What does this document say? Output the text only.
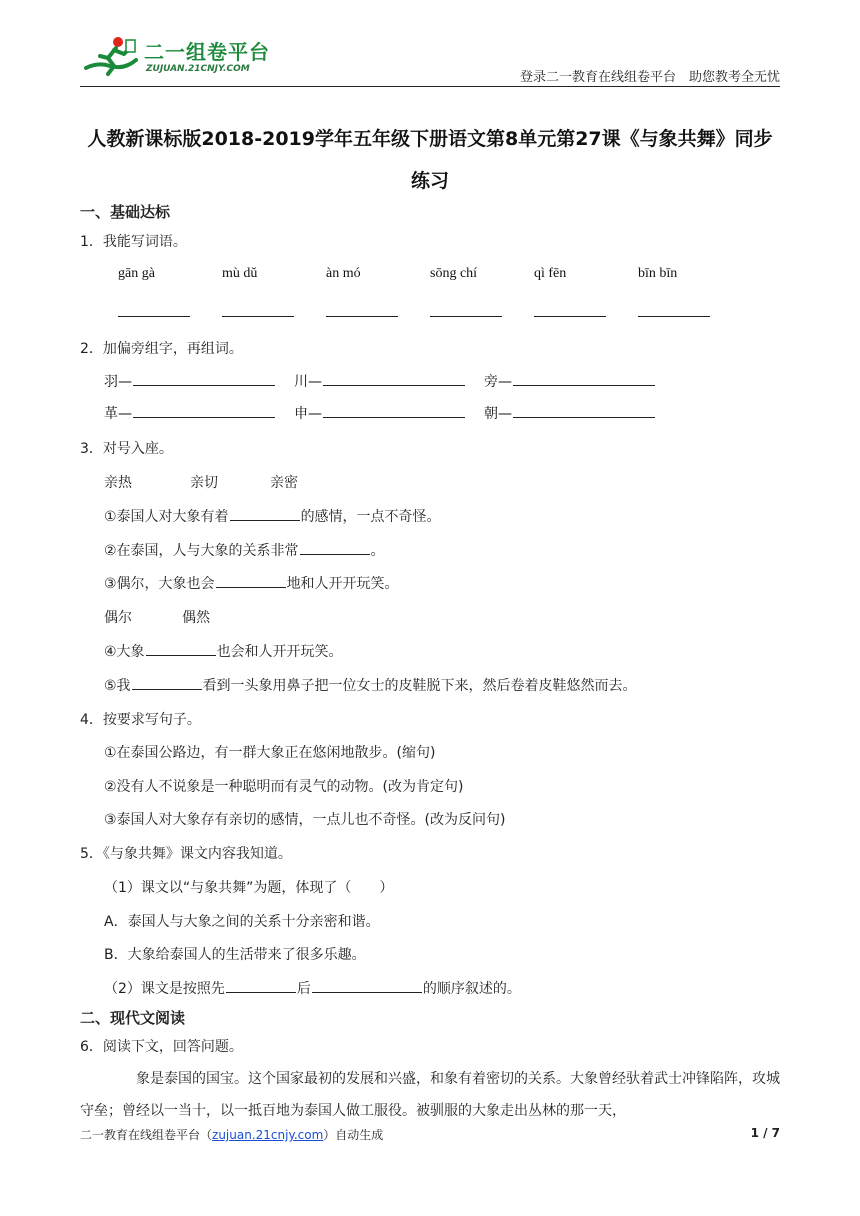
二一组卷平台
ZUJUAN.21CNJY.COM
登录二一教育在线组卷平台　助您教考全无忧
人教新课标版2018-2019学年五年级下册语文第8单元第27课《与象共舞》同步练习
一、基础达标
1．我能写词语。
gān gà	mù dǔ	àn mó	sōng chí	qì fēn	bīn bīn
2．加偏旁组字，再组词。
羽—	川—	旁—
革—	申—	朝—
3．对号入座。
亲热	亲切	亲密
①泰国人对大象有着	的感情，一点不奇怪。
②在泰国，人与大象的关系非常	。
③偶尔，大象也会	地和人开开玩笑。
偶尔	偶然
④大象	也会和人开开玩笑。
⑤我	看到一头象用鼻子把一位女士的皮鞋脱下来，然后卷着皮鞋悠然而去。
4．按要求写句子。
①在泰国公路边，有一群大象正在悠闲地散步。(缩句)
②没有人不说象是一种聪明而有灵气的动物。(改为肯定句)
③泰国人对大象存有亲切的感情，一点儿也不奇怪。(改为反问句)
5．《与象共舞》课文内容我知道。
（1）课文以“与象共舞”为题，体现了（　　）
A．泰国人与大象之间的关系十分亲密和谐。
B．大象给泰国人的生活带来了很多乐趣。
（2）课文是按照先	后	的顺序叙述的。
二、现代文阅读
6．阅读下文，回答问题。
象是泰国的国宝。这个国家最初的发展和兴盛，和象有着密切的关系。大象曾经驮着武士冲锋陷阵，攻城守垒；曾经以一当十，以一抵百地为泰国人做工服役。被驯服的大象走出丛林的那一天，
二一教育在线组卷平台（zujuan.21cnjy.com）自动生成	1 / 7
